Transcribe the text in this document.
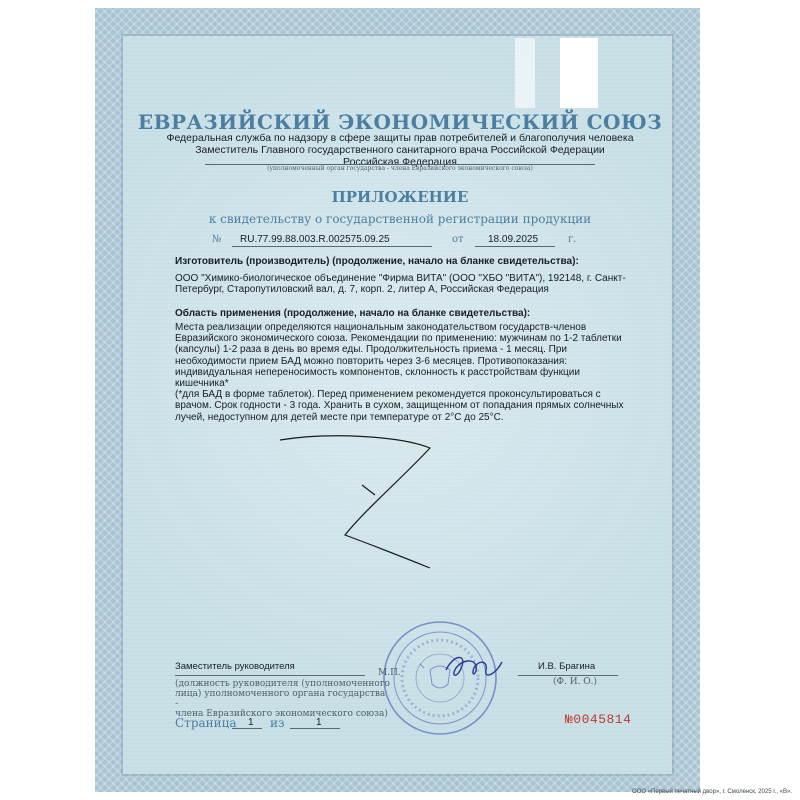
ЕВРАЗИЙСКИЙ ЭКОНОМИЧЕСКИЙ СОЮЗ
Федеральная служба по надзору в сфере защиты прав потребителей и благополучия человека
Заместитель Главного государственного санитарного врача Российской Федерации
Российская Федерация
(уполномоченный орган государства - члена Евразийского экономического союза)
ПРИЛОЖЕНИЕ
к свидетельству о государственной регистрации продукции
№ RU.77.99.88.003.R.002575.09.25	от 18.09.2025	г.
Изготовитель (производитель) (продолжение, начало на бланке свидетельства):
ООО "Химико-биологическое объединение "Фирма ВИТА" (ООО "ХБО "ВИТА"), 192148, г. Санкт-
Петербург, Старопутиловский вал, д. 7, корп. 2, литер А, Российская Федерация
Область применения (продолжение, начало на бланке свидетельства):
Места реализации определяются национальным законодательством государств-членов
Евразийского экономического союза. Рекомендации по применению: мужчинам по 1-2 таблетки
(капсулы) 1-2 раза в день во время еды. Продолжительность приема - 1 месяц. При
необходимости прием БАД можно повторить через 3-6 месяцев. Противопоказания:
индивидуальная непереносимость компонентов, склонность к расстройствам функции кишечника*
(*для БАД в форме таблеток). Перед применением рекомендуется проконсультироваться с
врачом. Срок годности - 3 года. Хранить в сухом, защищенном от попадания прямых солнечных
лучей, недоступном для детей месте при температуре от 2°С до 25°С.
Заместитель руководителя
М.П.
И.В. Брагина
(Ф. И. О.)
(должность руководителя (уполномоченного
лица) уполномоченного органа государства -
члена Евразийского экономического союза)
Страница 1 из	1	№0045814
ООО «Первый печатный двор», г. Смоленск, 2025 г., «В».
